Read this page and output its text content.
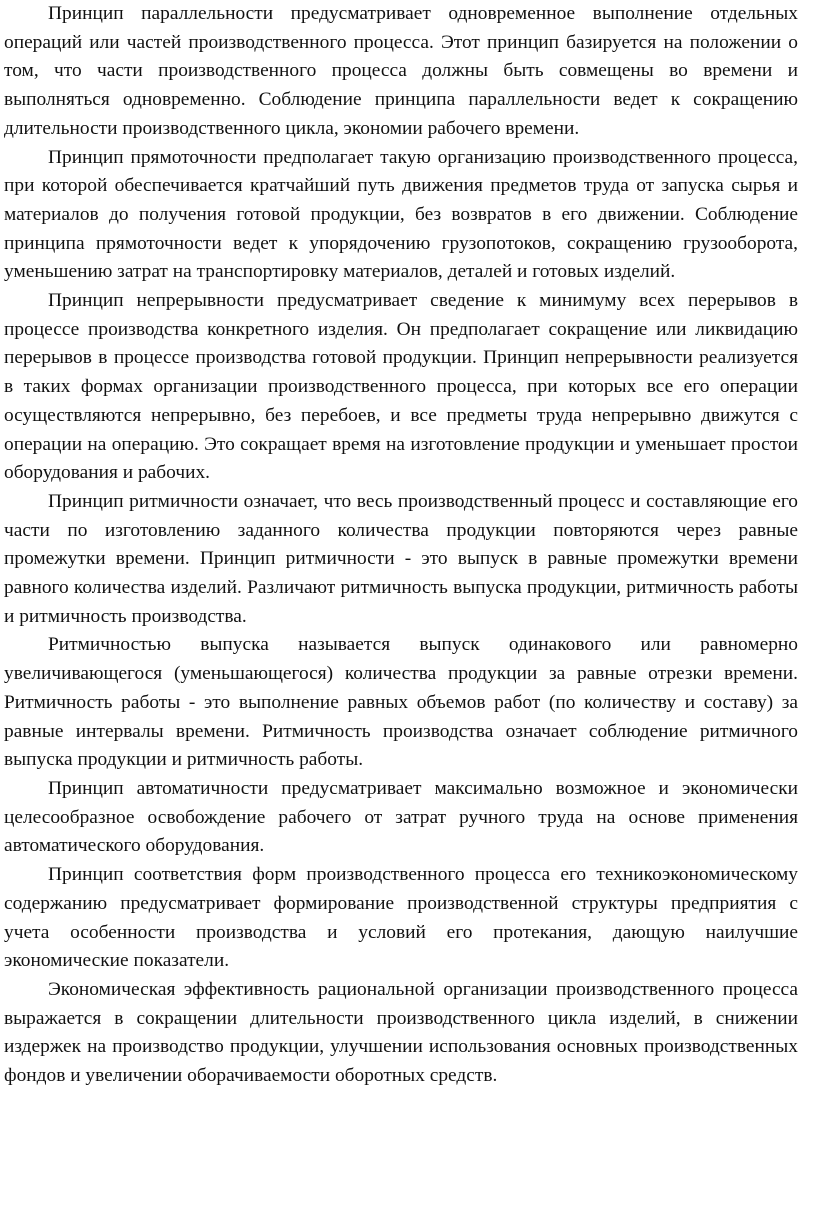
Принцип параллельности предусматривает одновременное выполнение отдельных операций или частей производственного процесса. Этот принцип базируется на положении о том, что части производственного процесса должны быть совмещены во времени и выполняться одновременно. Соблюдение принципа параллельности ведет к сокращению длительности производственного цикла, экономии рабочего времени.

Принцип прямоточности предполагает такую организацию производственного процесса, при которой обеспечивается кратчайший путь движения предметов труда от запуска сырья и материалов до получения готовой продукции, без возвратов в его движении. Соблюдение принципа прямоточности ведет к упорядочению грузопотоков, сокращению грузооборота, уменьшению затрат на транспортировку материалов, деталей и готовых изделий.

Принцип непрерывности предусматривает сведение к минимуму всех перерывов в процессе производства конкретного изделия. Он предполагает сокращение или ликвидацию перерывов в процессе производства готовой продукции. Принцип непрерывности реализуется в таких формах организации производственного процесса, при которых все его операции осуществляются непрерывно, без перебоев, и все предметы труда непрерывно движутся с операции на операцию. Это сокращает время на изготовление продукции и уменьшает простои оборудования и рабочих.

Принцип ритмичности означает, что весь производственный процесс и составляющие его части по изготовлению заданного количества продукции повторяются через равные промежутки времени. Принцип ритмичности - это выпуск в равные промежутки времени равного количества изделий. Различают ритмичность выпуска продукции, ритмичность работы и ритмичность производства.

Ритмичностью выпуска называется выпуск одинакового или равномерно увеличивающегося (уменьшающегося) количества продукции за равные отрезки времени. Ритмичность работы - это выполнение равных объемов работ (по количеству и составу) за равные интервалы времени. Ритмичность производства означает соблюдение ритмичного выпуска продукции и ритмичность работы.

Принцип автоматичности предусматривает максимально возможное и экономически целесообразное освобождение рабочего от затрат ручного труда на основе применения автоматического оборудования.

Принцип соответствия форм производственного процесса его техникоэкономическому содержанию предусматривает формирование производственной структуры предприятия с учета особенности производства и условий его протекания, дающую наилучшие экономические показатели.

Экономическая эффективность рациональной организации производственного процесса выражается в сокращении длительности производственного цикла изделий, в снижении издержек на производство продукции, улучшении использования основных производственных фондов и увеличении оборачиваемости оборотных средств.
